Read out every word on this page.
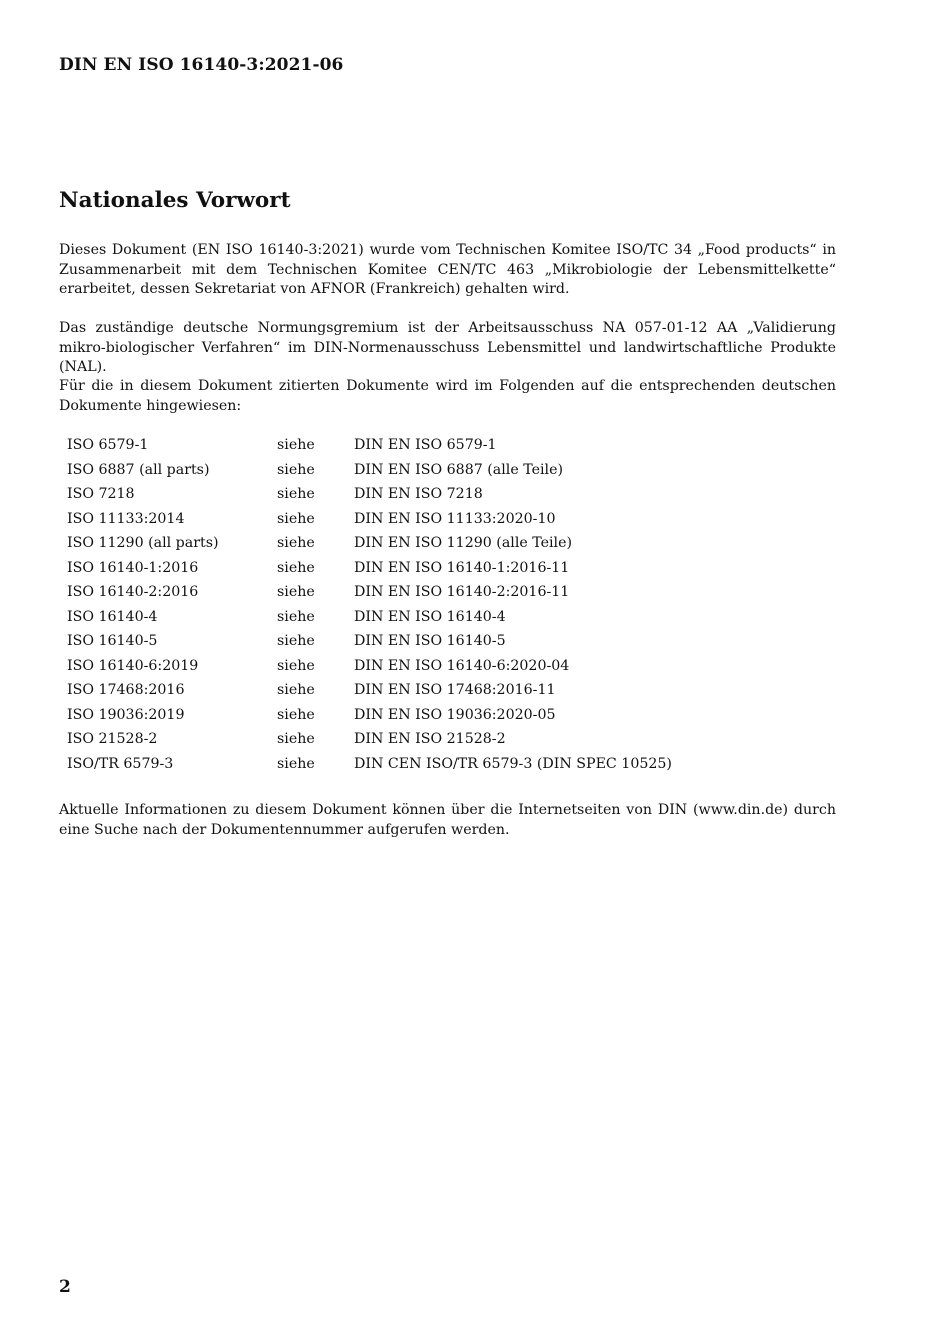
DIN EN ISO 16140-3:2021-06
Nationales Vorwort

Dieses Dokument (EN ISO 16140-3:2021) wurde vom Technischen Komitee ISO/TC 34 „Food products“ in Zusammenarbeit mit dem Technischen Komitee CEN/TC 463 „Mikrobiologie der Lebensmittelkette“ erarbeitet, dessen Sekretariat von AFNOR (Frankreich) gehalten wird.

Das zuständige deutsche Normungsgremium ist der Arbeitsausschuss NA 057-01-12 AA „Validierung mikro-biologischer Verfahren“ im DIN-Normenausschuss Lebensmittel und landwirtschaftliche Produkte (NAL).

Für die in diesem Dokument zitierten Dokumente wird im Folgenden auf die entsprechenden deutschen Dokumente hingewiesen:

ISO 6579-1	siehe	DIN EN ISO 6579-1
ISO 6887 (all parts)	siehe	DIN EN ISO 6887 (alle Teile)
ISO 7218	siehe	DIN EN ISO 7218
ISO 11133:2014	siehe	DIN EN ISO 11133:2020-10
ISO 11290 (all parts)	siehe	DIN EN ISO 11290 (alle Teile)
ISO 16140-1:2016	siehe	DIN EN ISO 16140-1:2016-11
ISO 16140-2:2016	siehe	DIN EN ISO 16140-2:2016-11
ISO 16140-4	siehe	DIN EN ISO 16140-4
ISO 16140-5	siehe	DIN EN ISO 16140-5
ISO 16140-6:2019	siehe	DIN EN ISO 16140-6:2020-04
ISO 17468:2016	siehe	DIN EN ISO 17468:2016-11
ISO 19036:2019	siehe	DIN EN ISO 19036:2020-05
ISO 21528-2	siehe	DIN EN ISO 21528-2
ISO/TR 6579-3	siehe	DIN CEN ISO/TR 6579-3 (DIN SPEC 10525)

Aktuelle Informationen zu diesem Dokument können über die Internetseiten von DIN (www.din.de) durch eine Suche nach der Dokumentennummer aufgerufen werden.

2
